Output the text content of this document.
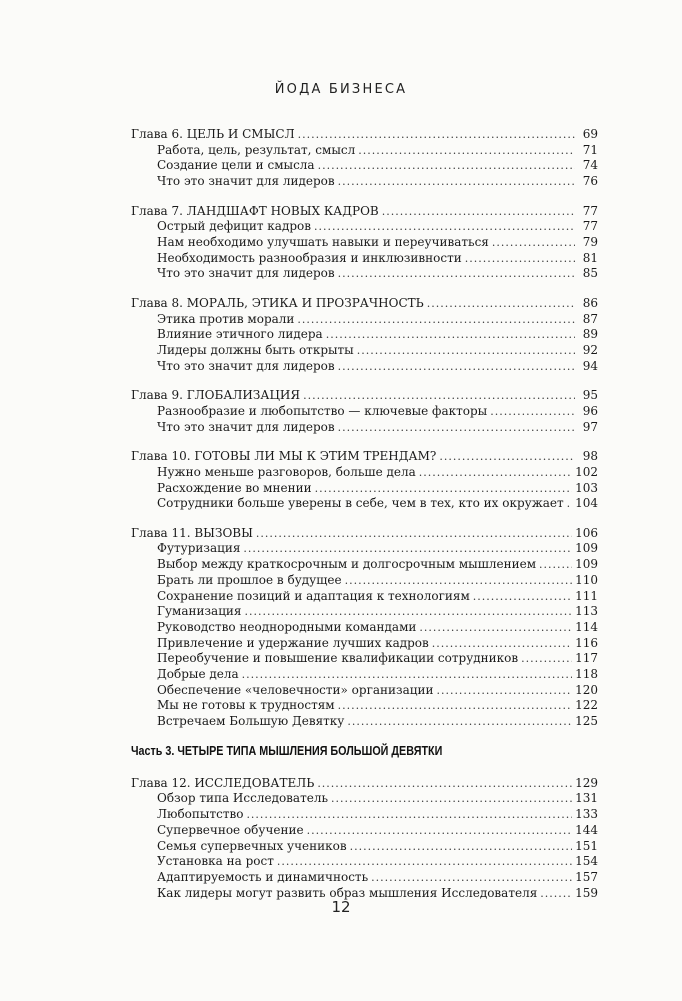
ЙОДА БИЗНЕСА
Глава 6. ЦЕЛЬ И СМЫСЛ .....	69
Работа, цель, результат, смысл .....	71
Создание цели и смысла .....	74
Что это значит для лидеров .....	76
Глава 7. ЛАНДШАФТ НОВЫХ КАДРОВ .....	77
Острый дефицит кадров .....	77
Нам необходимо улучшать навыки и переучиваться .....	79
Необходимость разнообразия и инклюзивности .....	81
Что это значит для лидеров .....	85
Глава 8. МОРАЛЬ, ЭТИКА И ПРОЗРАЧНОСТЬ .....	86
Этика против морали .....	87
Влияние этичного лидера .....	89
Лидеры должны быть открыты .....	92
Что это значит для лидеров .....	94
Глава 9. ГЛОБАЛИЗАЦИЯ .....	95
Разнообразие и любопытство — ключевые факторы .....	96
Что это значит для лидеров .....	97
Глава 10. ГОТОВЫ ЛИ МЫ К ЭТИМ ТРЕНДАМ? .....	98
Нужно меньше разговоров, больше дела .....	102
Расхождение во мнении .....	103
Сотрудники больше уверены в себе, чем в тех, кто их окружает ..... 104
Глава 11. ВЫЗОВЫ .....	106
Футуризация .....	109
Выбор между краткосрочным и долгосрочным мышлением .....	109
Брать ли прошлое в будущее .....	110
Сохранение позиций и адаптация к технологиям .....	111
Гуманизация .....	113
Руководство неоднородными командами .....	114
Привлечение и удержание лучших кадров .....	116
Переобучение и повышение квалификации сотрудников .....	117
Добрые дела .....	118
Обеспечение «человечности» организации .....	120
Мы не готовы к трудностям .....	122
Встречаем Большую Девятку .....	125
Часть 3. ЧЕТЫРЕ ТИПА МЫШЛЕНИЯ БОЛЬШОЙ ДЕВЯТКИ
Глава 12. ИССЛЕДОВАТЕЛЬ .....	129
Обзор типа Исследователь .....	131
Любопытство .....	133
Супервечное обучение .....	144
Семья супервечных учеников .....	151
Установка на рост .....	154
Адаптируемость и динамичность .....	157
Как лидеры могут развить образ мышления Исследователя .....	159
12
